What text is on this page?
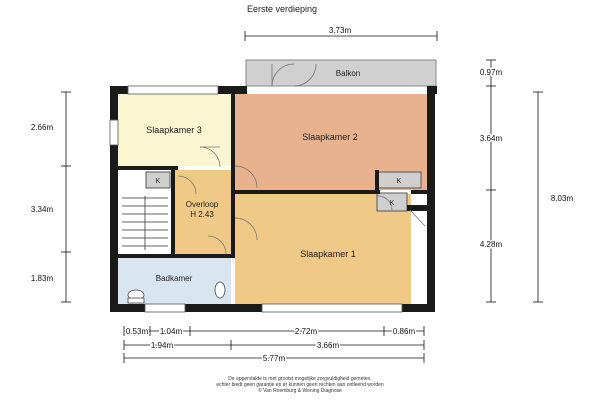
Eerste verdieping
Slaapkamer 3
Slaapkamer 2
Slaapkamer 1
Balkon
Overloop
H 2.43
Badkamer
K	K
K
3.73m
2.66m
3.34m
1.83m
0.97m
3.64m
4.28m
8.03m
0.53m 1.04m	2.72m	0.86m
1.94m	3.66m
5.77m
De oppervlakte is met grootst mogelijke zorgvuldigheid gemeten,
echter biedt geen garantie en er kunnen geen rechten aan ontleend worden
© Van Roemburg & Woning Diagnose
